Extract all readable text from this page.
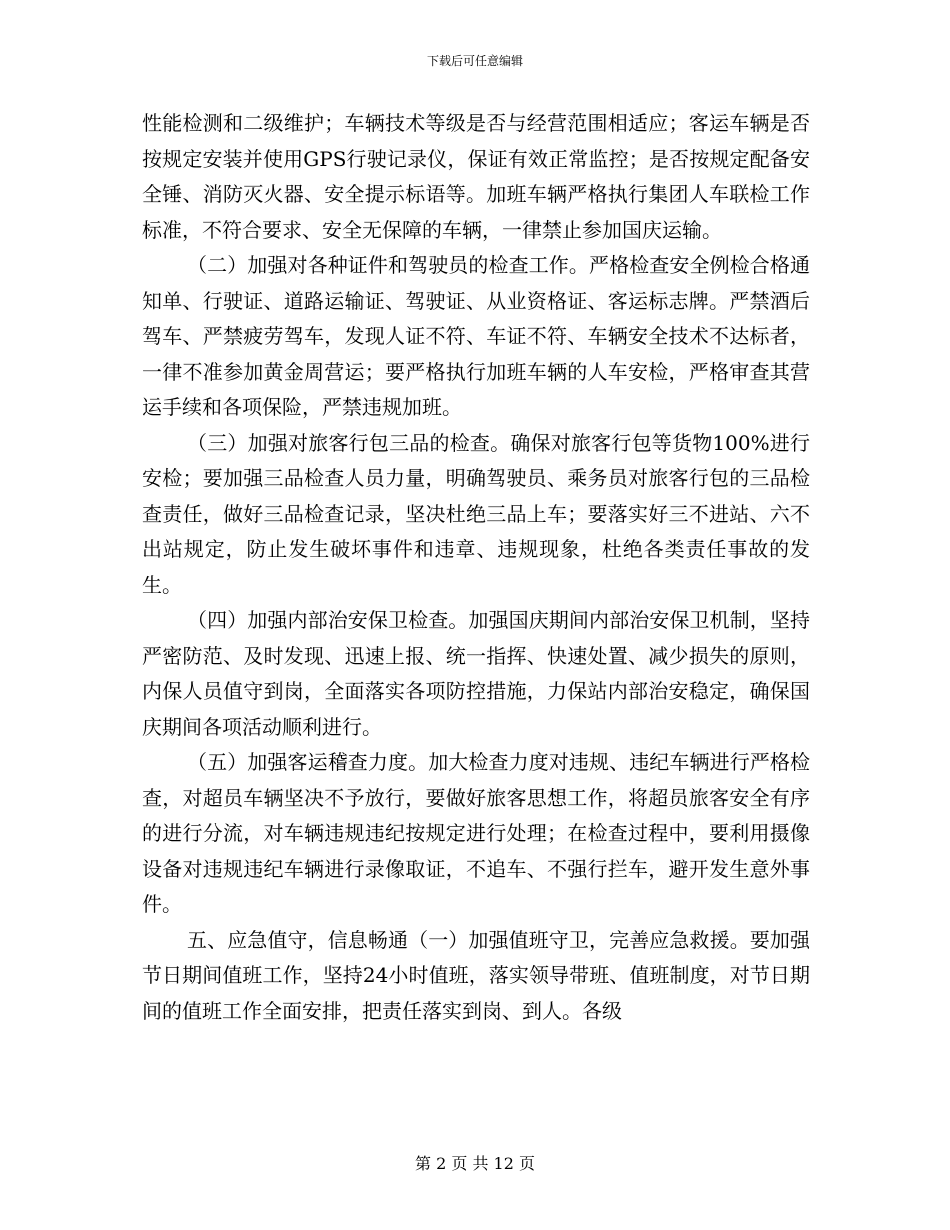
下载后可任意编辑

性能检测和二级维护；车辆技术等级是否与经营范围相适应；客运车辆是否按规定安装并使用GPS行驶记录仪，保证有效正常监控；是否按规定配备安全锤、消防灭火器、安全提示标语等。加班车辆严格执行集团人车联检工作标准，不符合要求、安全无保障的车辆，一律禁止参加国庆运输。

（二）加强对各种证件和驾驶员的检查工作。严格检查安全例检合格通知单、行驶证、道路运输证、驾驶证、从业资格证、客运标志牌。严禁酒后驾车、严禁疲劳驾车，发现人证不符、车证不符、车辆安全技术不达标者，一律不准参加黄金周营运；要严格执行加班车辆的人车安检，严格审查其营运手续和各项保险，严禁违规加班。

（三）加强对旅客行包三品的检查。确保对旅客行包等货物100%进行安检；要加强三品检查人员力量，明确驾驶员、乘务员对旅客行包的三品检查责任，做好三品检查记录，坚决杜绝三品上车；要落实好三不进站、六不出站规定，防止发生破坏事件和违章、违规现象，杜绝各类责任事故的发生。

（四）加强内部治安保卫检查。加强国庆期间内部治安保卫机制，坚持严密防范、及时发现、迅速上报、统一指挥、快速处置、减少损失的原则，内保人员值守到岗，全面落实各项防控措施，力保站内部治安稳定，确保国庆期间各项活动顺利进行。

（五）加强客运稽查力度。加大检查力度对违规、违纪车辆进行严格检查，对超员车辆坚决不予放行，要做好旅客思想工作，将超员旅客安全有序的进行分流，对车辆违规违纪按规定进行处理；在检查过程中，要利用摄像设备对违规违纪车辆进行录像取证，不追车、不强行拦车，避开发生意外事件。

五、应急值守，信息畅通（一）加强值班守卫，完善应急救援。要加强节日期间值班工作，坚持24小时值班，落实领导带班、值班制度，对节日期间的值班工作全面安排，把责任落实到岗、到人。各级

第 2 页 共 12 页
